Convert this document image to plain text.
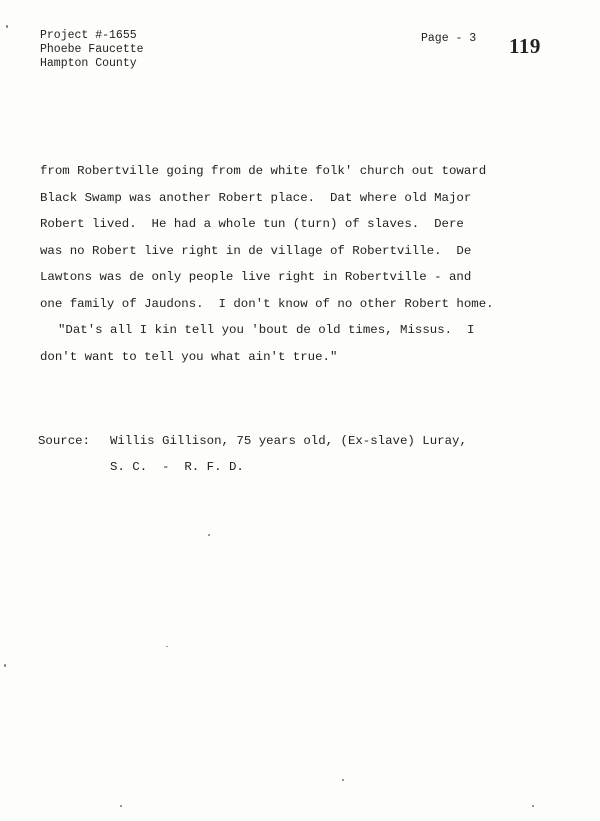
Project #-1655
Phoebe Faucette
Hampton County
Page - 3 119
from Robertville going from de white folk' church out toward
Black Swamp was another Robert place.  Dat where old Major
Robert lived.  He had a whole tun (turn) of slaves.  Dere
was no Robert live right in de village of Robertville.  De
Lawtons was de only people live right in Robertville - and
one family of Jaudons.  I don't know of no other Robert home.
"Dat's all I kin tell you 'bout de old times, Missus.  I
don't want to tell you what ain't true."
Source: Willis Gillison, 75 years old, (Ex-slave) Luray,
S. C.  -  R. F. D.
